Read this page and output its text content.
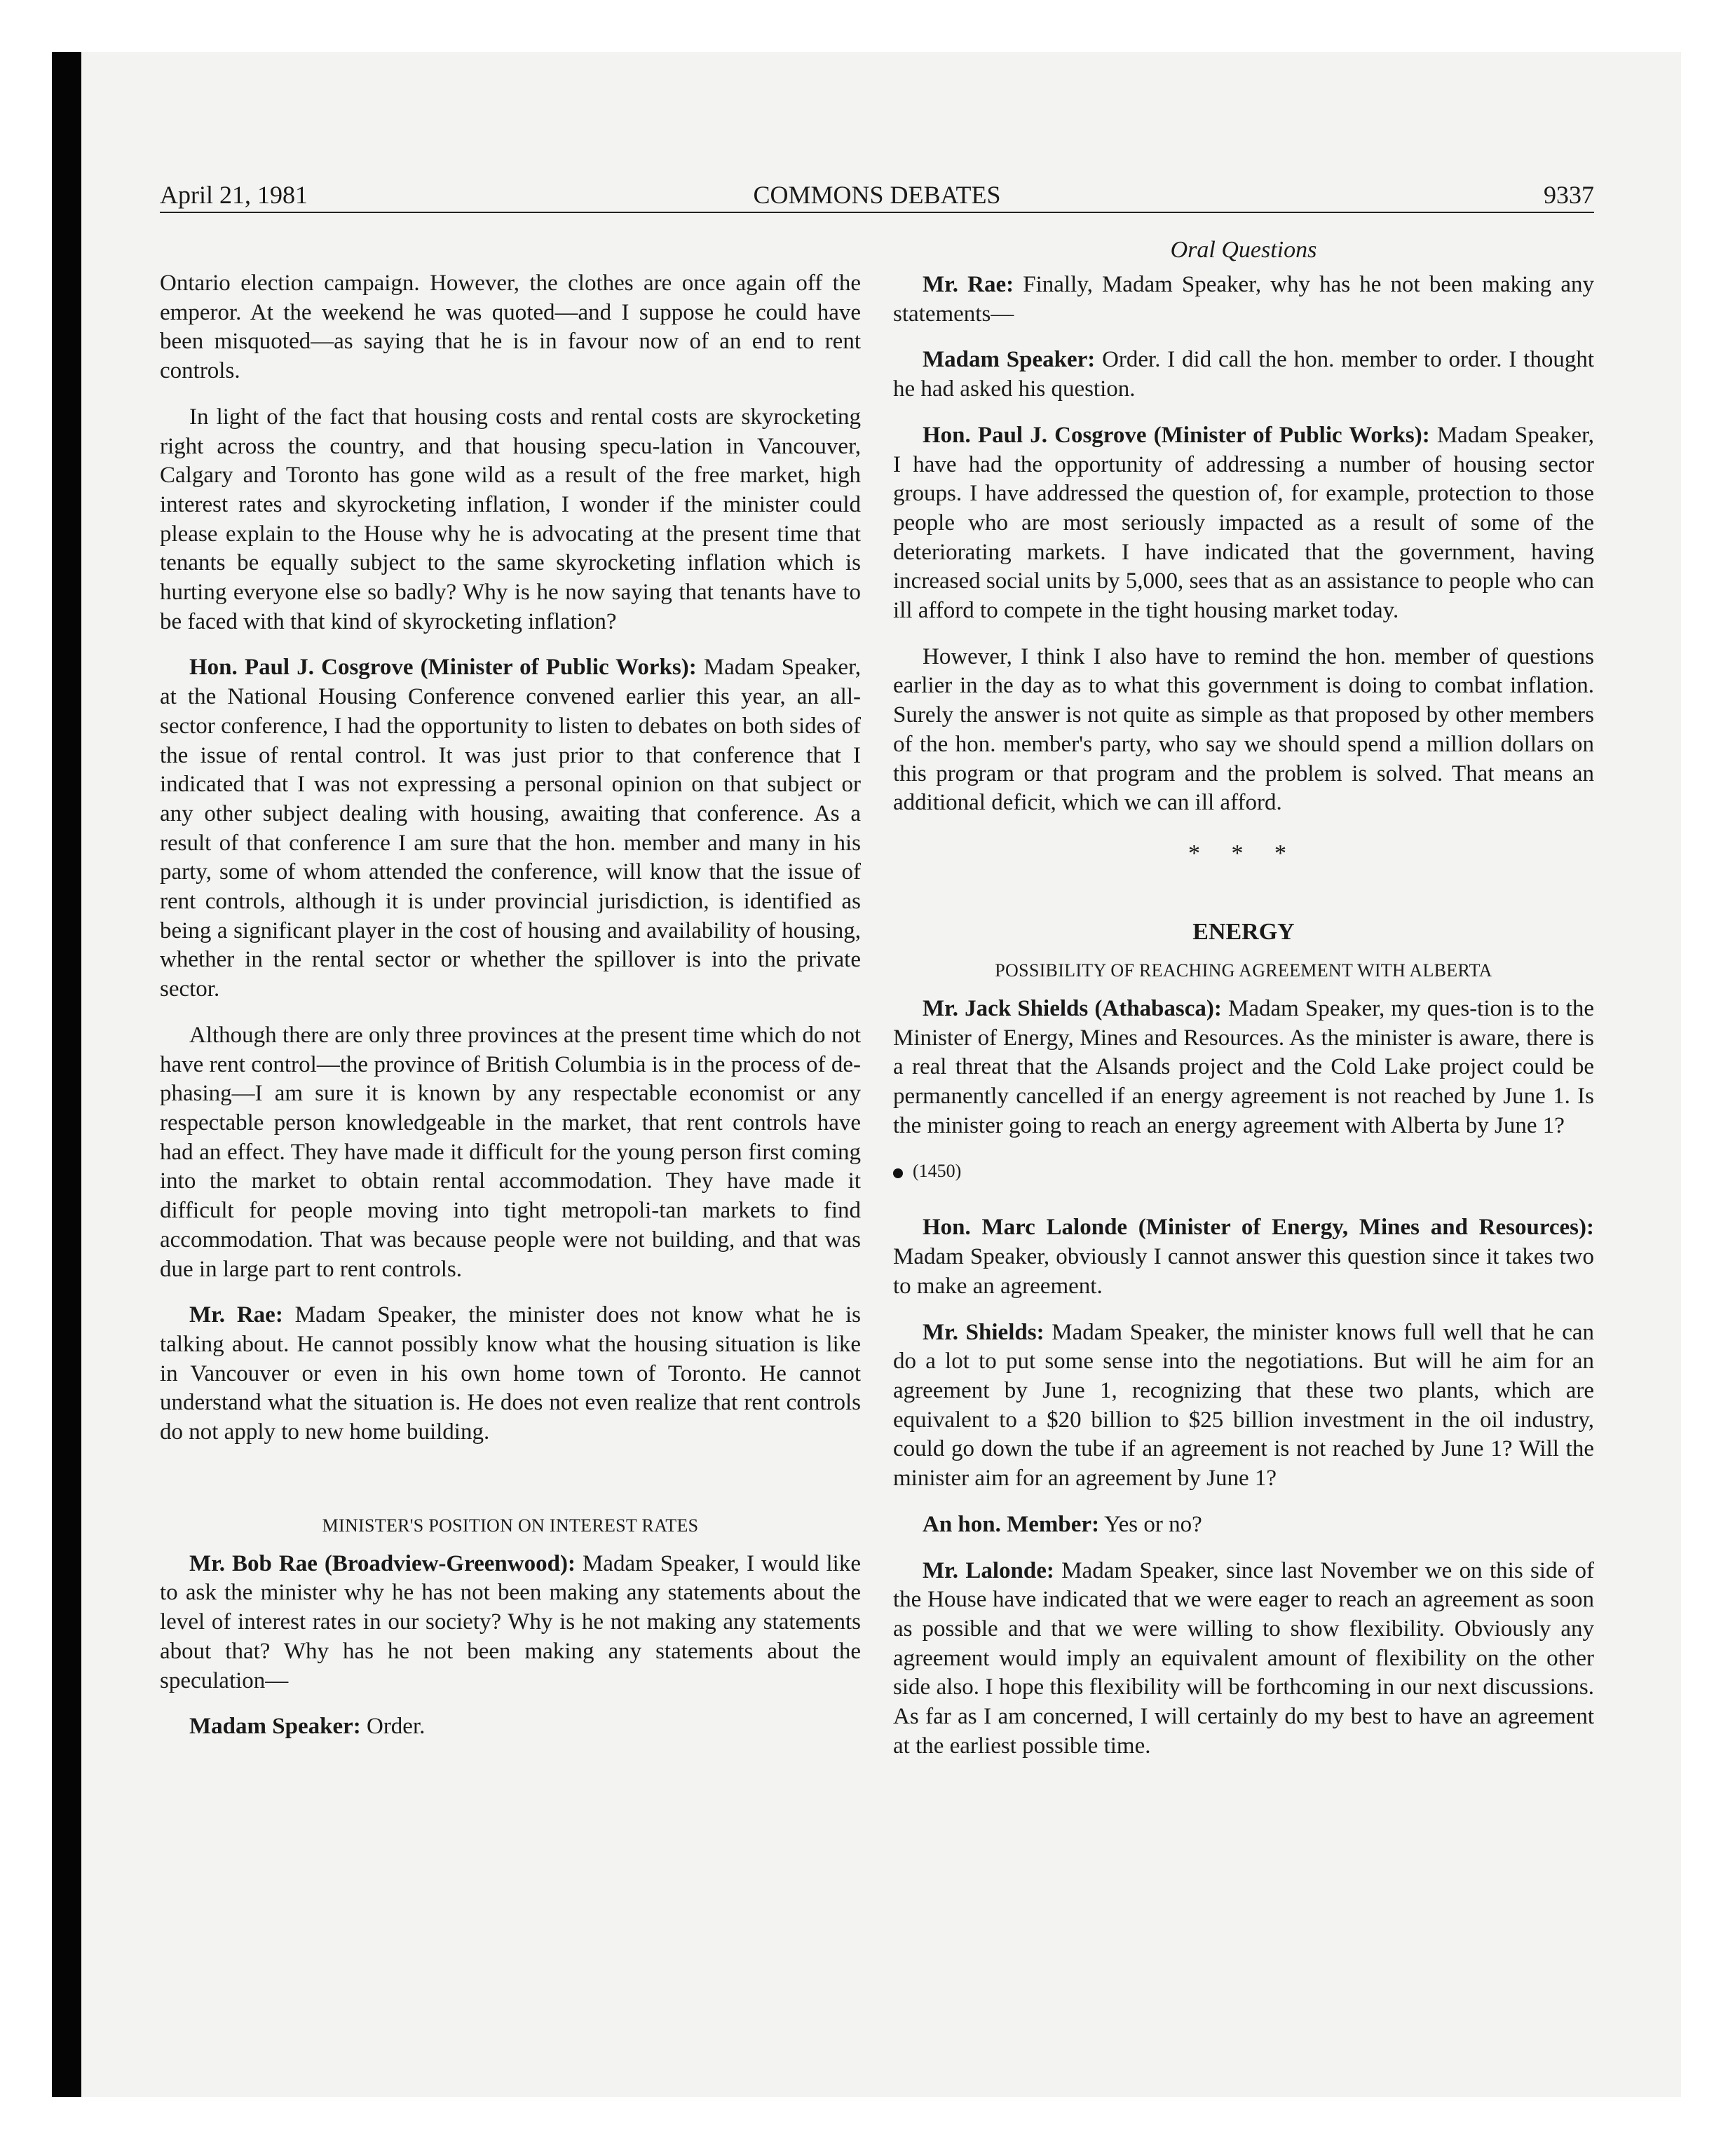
April 21, 1981	COMMONS DEBATES	9337

Ontario election campaign. However, the clothes are once again off the emperor. At the weekend he was quoted—and I suppose he could have been misquoted—as saying that he is in favour now of an end to rent controls.

In light of the fact that housing costs and rental costs are skyrocketing right across the country, and that housing specu-lation in Vancouver, Calgary and Toronto has gone wild as a result of the free market, high interest rates and skyrocketing inflation, I wonder if the minister could please explain to the House why he is advocating at the present time that tenants be equally subject to the same skyrocketing inflation which is hurting everyone else so badly? Why is he now saying that tenants have to be faced with that kind of skyrocketing inflation?

Hon. Paul J. Cosgrove (Minister of Public Works): Madam Speaker, at the National Housing Conference convened earlier this year, an all-sector conference, I had the opportunity to listen to debates on both sides of the issue of rental control. It was just prior to that conference that I indicated that I was not expressing a personal opinion on that subject or any other subject dealing with housing, awaiting that conference. As a result of that conference I am sure that the hon. member and many in his party, some of whom attended the conference, will know that the issue of rent controls, although it is under provincial jurisdiction, is identified as being a significant player in the cost of housing and availability of housing, whether in the rental sector or whether the spillover is into the private sector.

Although there are only three provinces at the present time which do not have rent control—the province of British Columbia is in the process of de-phasing—I am sure it is known by any respectable economist or any respectable person knowledgeable in the market, that rent controls have had an effect. They have made it difficult for the young person first coming into the market to obtain rental accommodation. They have made it difficult for people moving into tight metropoli-tan markets to find accommodation. That was because people were not building, and that was due in large part to rent controls.

Mr. Rae: Madam Speaker, the minister does not know what he is talking about. He cannot possibly know what the housing situation is like in Vancouver or even in his own home town of Toronto. He cannot understand what the situation is. He does not even realize that rent controls do not apply to new home building.

MINISTER'S POSITION ON INTEREST RATES

Mr. Bob Rae (Broadview-Greenwood): Madam Speaker, I would like to ask the minister why he has not been making any statements about the level of interest rates in our society? Why is he not making any statements about that? Why has he not been making any statements about the speculation—

Madam Speaker: Order.

Oral Questions

Mr. Rae: Finally, Madam Speaker, why has he not been making any statements—

Madam Speaker: Order. I did call the hon. member to order. I thought he had asked his question.

Hon. Paul J. Cosgrove (Minister of Public Works): Madam Speaker, I have had the opportunity of addressing a number of housing sector groups. I have addressed the question of, for example, protection to those people who are most seriously impacted as a result of some of the deteriorating markets. I have indicated that the government, having increased social units by 5,000, sees that as an assistance to people who can ill afford to compete in the tight housing market today.

However, I think I also have to remind the hon. member of questions earlier in the day as to what this government is doing to combat inflation. Surely the answer is not quite as simple as that proposed by other members of the hon. member's party, who say we should spend a million dollars on this program or that program and the problem is solved. That means an additional deficit, which we can ill afford.

* * *
ENERGY
POSSIBILITY OF REACHING AGREEMENT WITH ALBERTA

Mr. Jack Shields (Athabasca): Madam Speaker, my ques-tion is to the Minister of Energy, Mines and Resources. As the minister is aware, there is a real threat that the Alsands project and the Cold Lake project could be permanently cancelled if an energy agreement is not reached by June 1. Is the minister going to reach an energy agreement with Alberta by June 1?

(1450)

Hon. Marc Lalonde (Minister of Energy, Mines and Resources): Madam Speaker, obviously I cannot answer this question since it takes two to make an agreement.

Mr. Shields: Madam Speaker, the minister knows full well that he can do a lot to put some sense into the negotiations. But will he aim for an agreement by June 1, recognizing that these two plants, which are equivalent to a $20 billion to $25 billion investment in the oil industry, could go down the tube if an agreement is not reached by June 1? Will the minister aim for an agreement by June 1?

An hon. Member: Yes or no?

Mr. Lalonde: Madam Speaker, since last November we on this side of the House have indicated that we were eager to reach an agreement as soon as possible and that we were willing to show flexibility. Obviously any agreement would imply an equivalent amount of flexibility on the other side also. I hope this flexibility will be forthcoming in our next discussions. As far as I am concerned, I will certainly do my best to have an agreement at the earliest possible time.
